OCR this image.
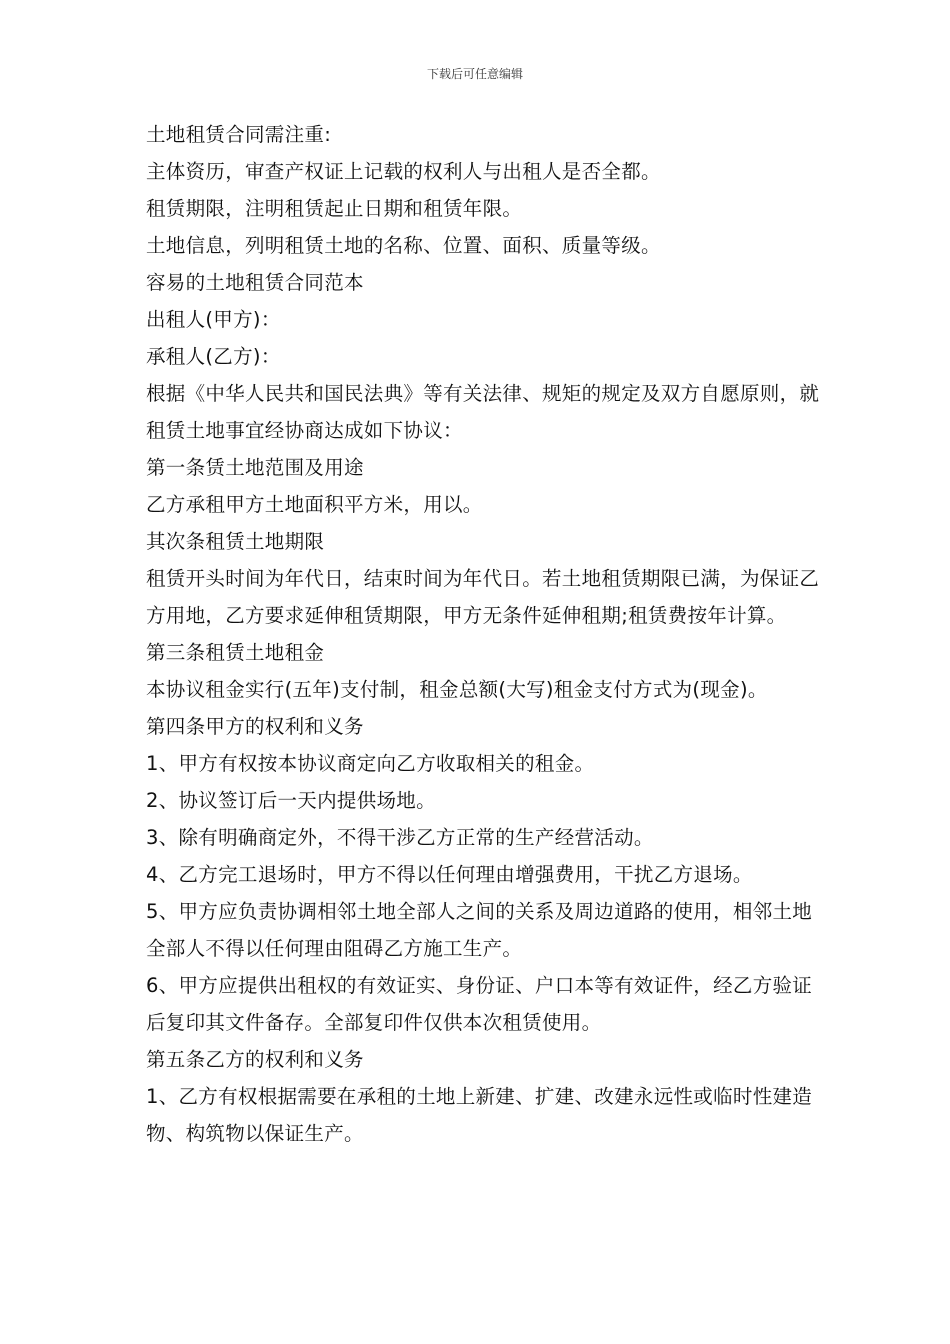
下载后可任意编辑

土地租赁合同需注重:

主体资历，审查产权证上记载的权利人与出租人是否全都。

租赁期限，注明租赁起止日期和租赁年限。

土地信息，列明租赁土地的名称、位置、面积、质量等级。

容易的土地租赁合同范本

出租人(甲方)：

承租人(乙方)：

根据《中华人民共和国民法典》等有关法律、规矩的规定及双方自愿原则，就租赁土地事宜经协商达成如下协议：

第一条赁土地范围及用途

乙方承租甲方土地面积平方米，用以。

其次条租赁土地期限

租赁开头时间为年代日，结束时间为年代日。若土地租赁期限已满，为保证乙方用地，乙方要求延伸租赁期限，甲方无条件延伸租期;租赁费按年计算。

第三条租赁土地租金

本协议租金实行(五年)支付制，租金总额(大写)租金支付方式为(现金)。

第四条甲方的权利和义务

1、甲方有权按本协议商定向乙方收取相关的租金。

2、协议签订后一天内提供场地。

3、除有明确商定外，不得干涉乙方正常的生产经营活动。

4、乙方完工退场时，甲方不得以任何理由增强费用，干扰乙方退场。

5、甲方应负责协调相邻土地全部人之间的关系及周边道路的使用，相邻土地全部人不得以任何理由阻碍乙方施工生产。

6、甲方应提供出租权的有效证实、身份证、户口本等有效证件，经乙方验证后复印其文件备存。全部复印件仅供本次租赁使用。

第五条乙方的权利和义务

1、乙方有权根据需要在承租的土地上新建、扩建、改建永远性或临时性建造物、构筑物以保证生产。
